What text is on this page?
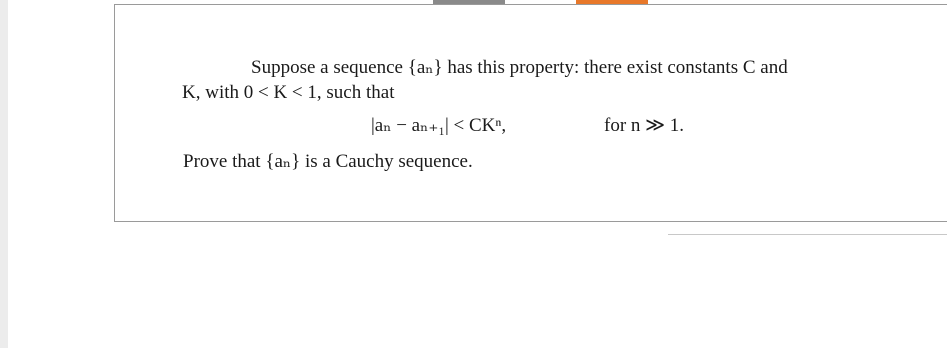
Suppose a sequence {aₙ} has this property: there exist constants C and
K, with 0 < K < 1, such that
|aₙ − aₙ₊₁| < CKⁿ,	for n ≫ 1.
Prove that {aₙ} is a Cauchy sequence.
